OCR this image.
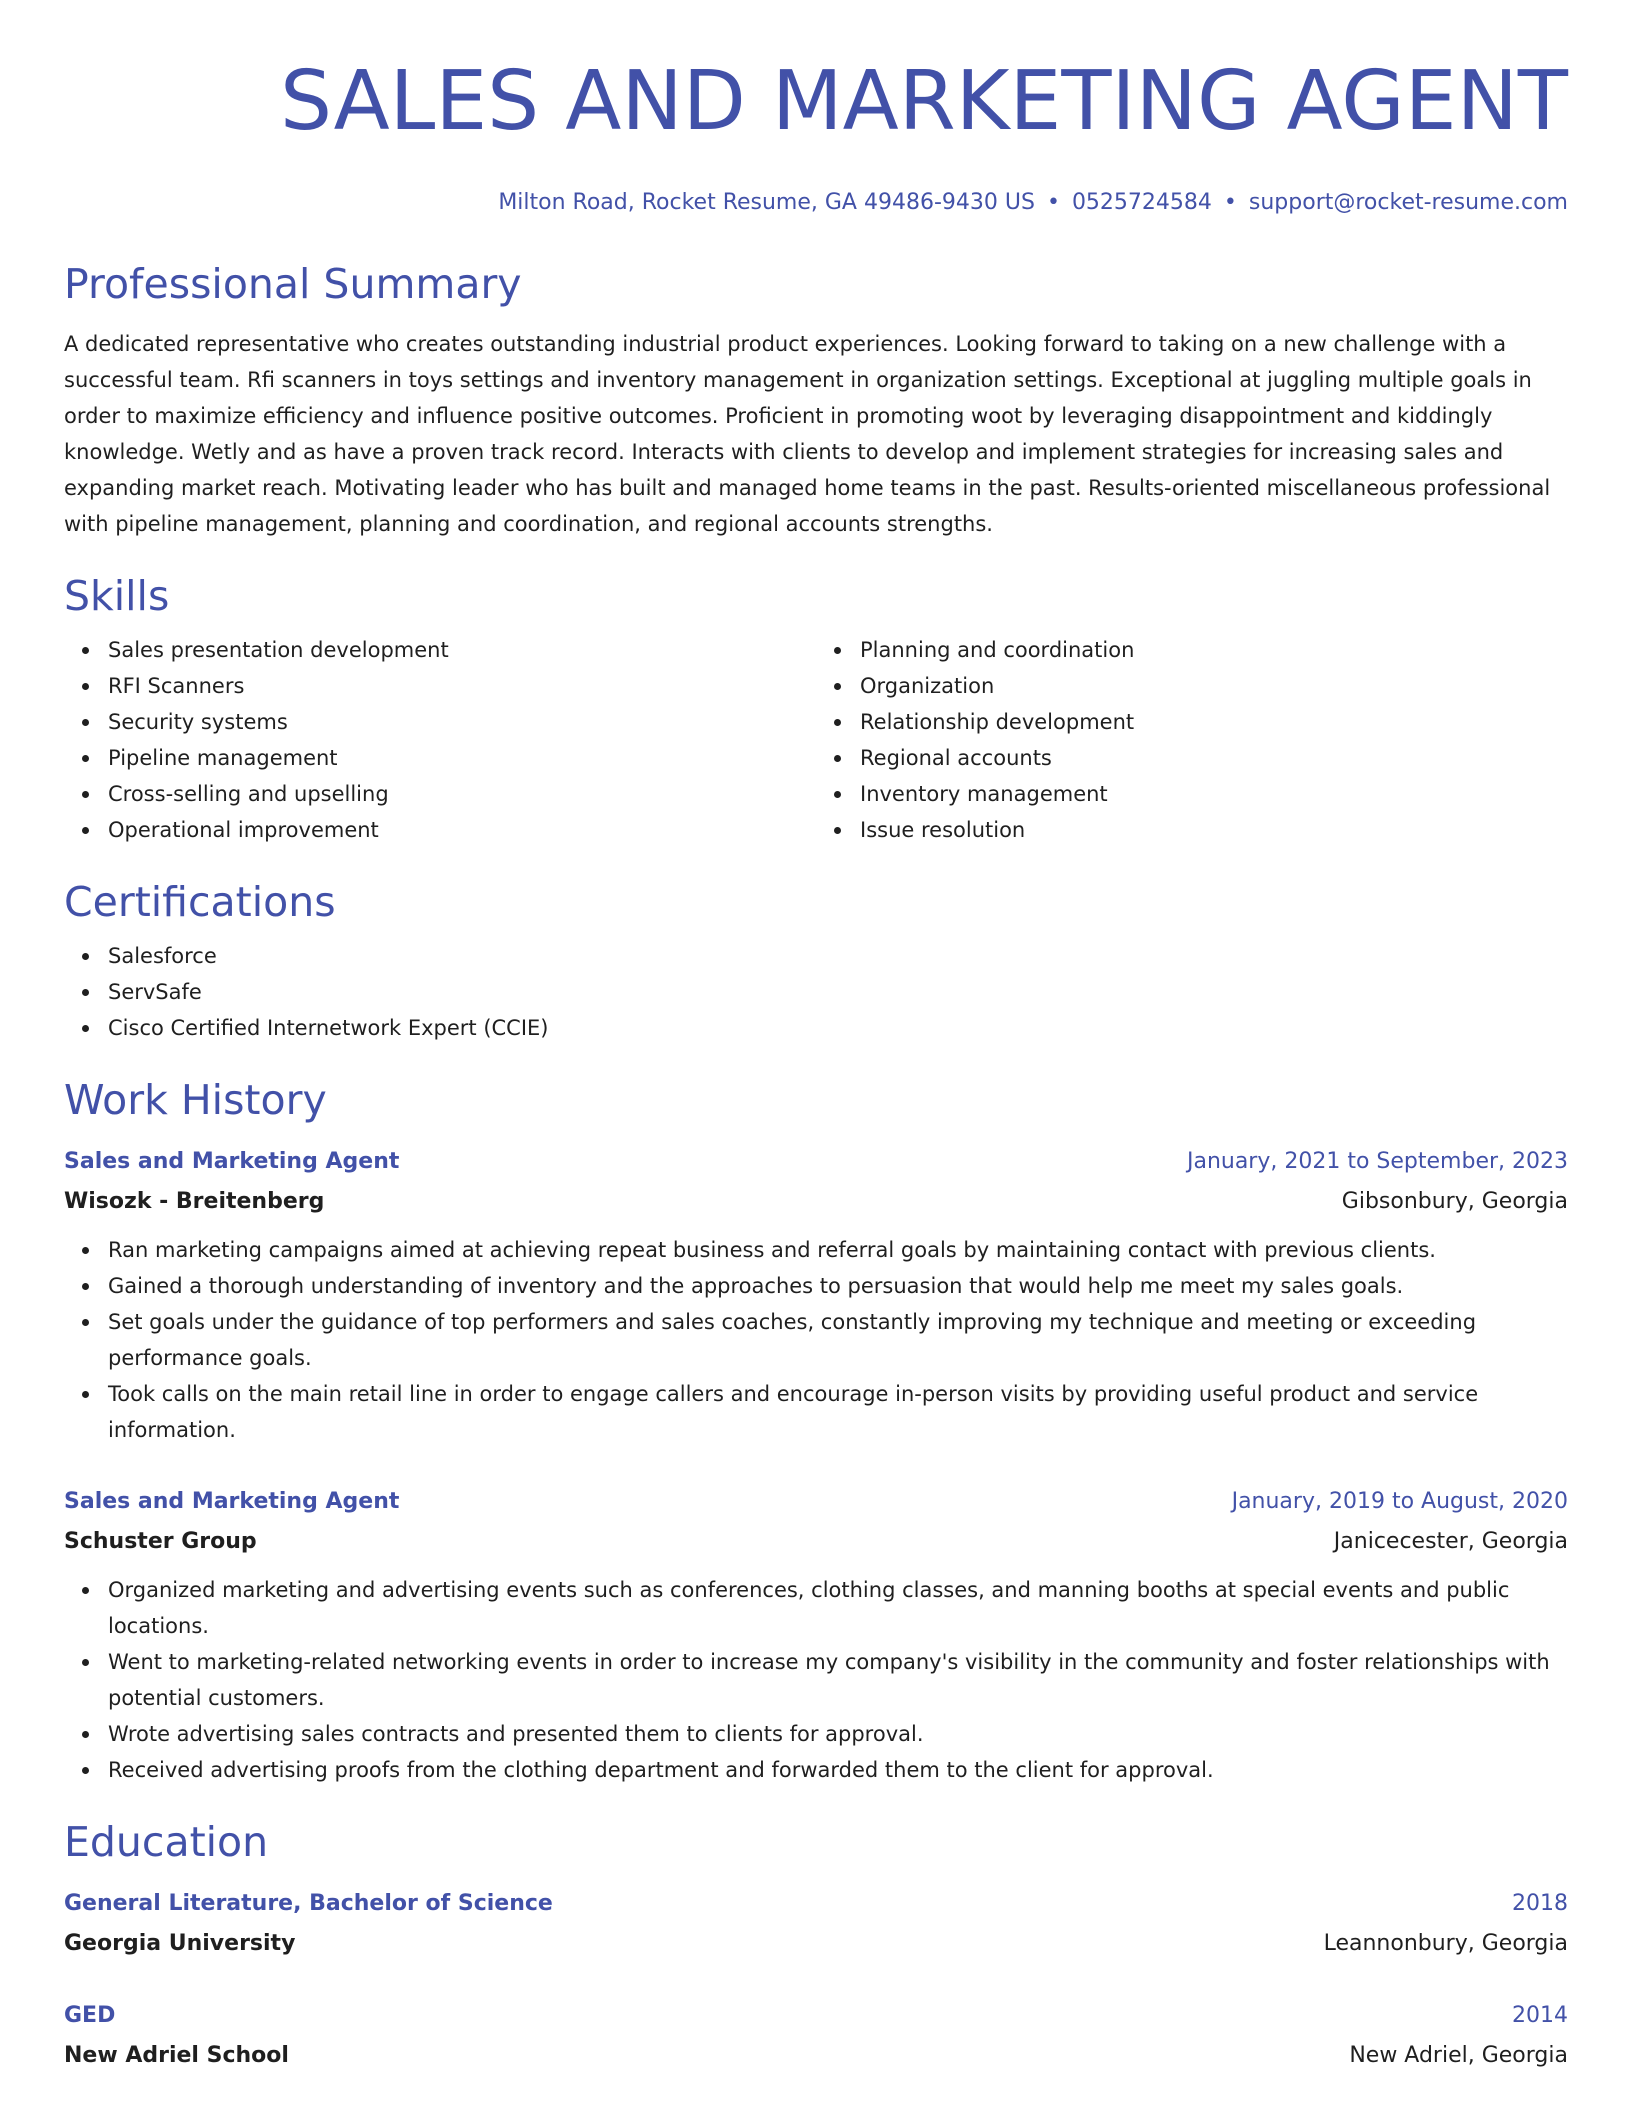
SALES AND MARKETING AGENT
Milton Road, Rocket Resume, GA 49486-9430 US • 0525724584 • support@rocket-resume.com
Professional Summary
A dedicated representative who creates outstanding industrial product experiences. Looking forward to taking on a new challenge with a successful team. Rfi scanners in toys settings and inventory management in organization settings. Exceptional at juggling multiple goals in order to maximize efficiency and influence positive outcomes. Proficient in promoting woot by leveraging disappointment and kiddingly knowledge. Wetly and as have a proven track record. Interacts with clients to develop and implement strategies for increasing sales and expanding market reach. Motivating leader who has built and managed home teams in the past. Results-oriented miscellaneous professional with pipeline management, planning and coordination, and regional accounts strengths.
Skills
Sales presentation development
RFI Scanners
Security systems
Pipeline management
Cross-selling and upselling
Operational improvement
Planning and coordination
Organization
Relationship development
Regional accounts
Inventory management
Issue resolution
Certifications
Salesforce
ServSafe
Cisco Certified Internetwork Expert (CCIE)
Work History
Sales and Marketing Agent	January, 2021 to September, 2023
Wisozk - Breitenberg	Gibsonbury, Georgia
Ran marketing campaigns aimed at achieving repeat business and referral goals by maintaining contact with previous clients.
Gained a thorough understanding of inventory and the approaches to persuasion that would help me meet my sales goals.
Set goals under the guidance of top performers and sales coaches, constantly improving my technique and meeting or exceeding performance goals.
Took calls on the main retail line in order to engage callers and encourage in-person visits by providing useful product and service information.
Sales and Marketing Agent	January, 2019 to August, 2020
Schuster Group	Janicecester, Georgia
Organized marketing and advertising events such as conferences, clothing classes, and manning booths at special events and public locations.
Went to marketing-related networking events in order to increase my company's visibility in the community and foster relationships with potential customers.
Wrote advertising sales contracts and presented them to clients for approval.
Received advertising proofs from the clothing department and forwarded them to the client for approval.
Education
General Literature, Bachelor of Science	2018
Georgia University	Leannonbury, Georgia
GED	2014
New Adriel School	New Adriel, Georgia
